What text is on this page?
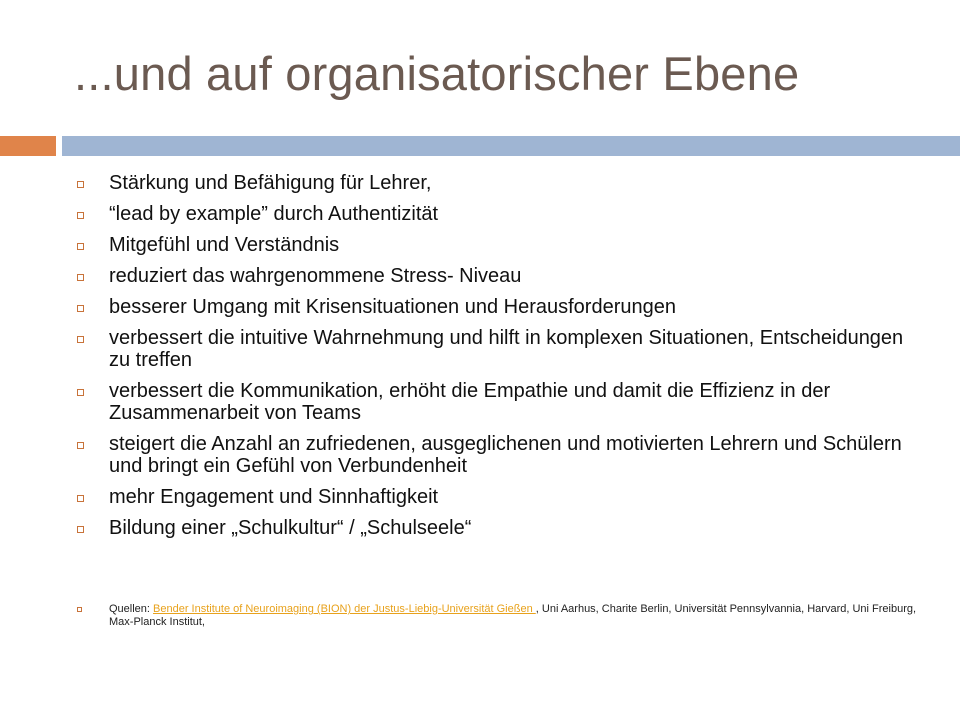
...und auf organisatorischer Ebene
Stärkung und Befähigung für Lehrer,
“lead by example” durch Authentizität
Mitgefühl und Verständnis
reduziert das wahrgenommene Stress- Niveau
besserer Umgang mit Krisensituationen und Herausforderungen
verbessert die intuitive Wahrnehmung und hilft in komplexen Situationen, Entscheidungen zu treffen
verbessert die Kommunikation, erhöht die Empathie und damit die Effizienz in der Zusammenarbeit von Teams
steigert die Anzahl an zufriedenen, ausgeglichenen und motivierten Lehrern und Schülern und bringt ein Gefühl von Verbundenheit
mehr Engagement und Sinnhaftigkeit
Bildung einer „Schulkultur“ / „Schulseele“
Quellen: Bender Institute of Neuroimaging (BION) der Justus-Liebig-Universität Gießen , Uni Aarhus, Charite Berlin, Universität Pennsylvannia, Harvard, Uni Freiburg, Max-Planck Institut,
